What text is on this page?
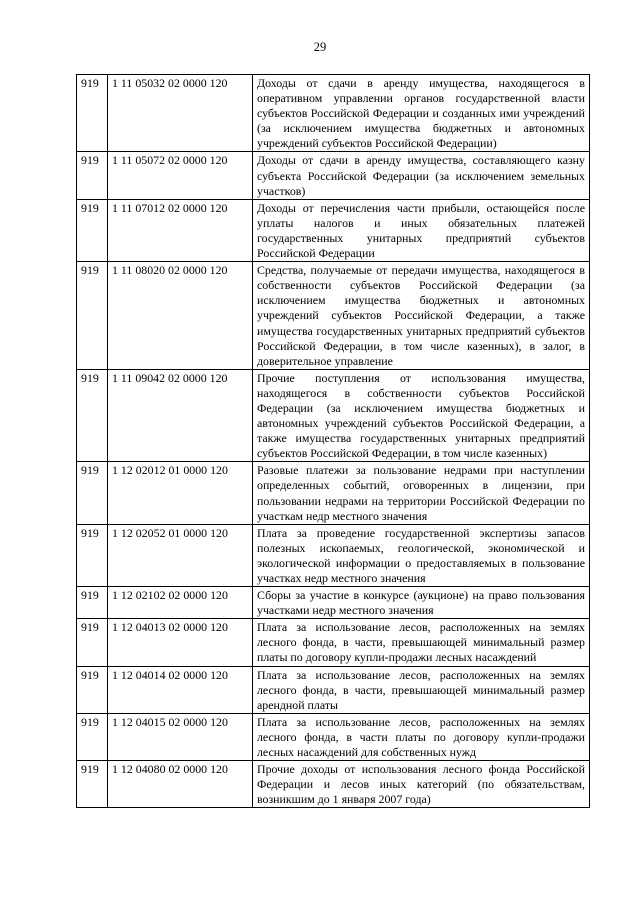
29
919	1 11 05032 02 0000 120	Доходы от сдачи в аренду имущества, находящегося в оперативном управлении органов государственной власти субъектов Российской Федерации и созданных ими учреждений (за исключением имущества бюджетных и автономных учреждений субъектов Российской Федерации)
919	1 11 05072 02 0000 120	Доходы от сдачи в аренду имущества, составляющего казну субъекта Российской Федерации (за исключением земельных участков)
919	1 11 07012 02 0000 120	Доходы от перечисления части прибыли, остающейся после уплаты налогов и иных обязательных платежей государственных унитарных предприятий субъектов Российской Федерации
919	1 11 08020 02 0000 120	Средства, получаемые от передачи имущества, находящегося в собственности субъектов Российской Федерации (за исключением имущества бюджетных и автономных учреждений субъектов Российской Федерации, а также имущества государственных унитарных предприятий субъектов Российской Федерации, в том числе казенных), в залог, в доверительное управление
919	1 11 09042 02 0000 120	Прочие поступления от использования имущества, находящегося в собственности субъектов Российской Федерации (за исключением имущества бюджетных и автономных учреждений субъектов Российской Федерации, а также имущества государственных унитарных предприятий субъектов Российской Федерации, в том числе казенных)
919	1 12 02012 01 0000 120	Разовые платежи за пользование недрами при наступлении определенных событий, оговоренных в лицензии, при пользовании недрами на территории Российской Федерации по участкам недр местного значения
919	1 12 02052 01 0000 120	Плата за проведение государственной экспертизы запасов полезных ископаемых, геологической, экономической и экологической информации о предоставляемых в пользование участках недр местного значения
919	1 12 02102 02 0000 120	Сборы за участие в конкурсе (аукционе) на право пользования участками недр местного значения
919	1 12 04013 02 0000 120	Плата за использование лесов, расположенных на землях лесного фонда, в части, превышающей минимальный размер платы по договору купли-продажи лесных насаждений
919	1 12 04014 02 0000 120	Плата за использование лесов, расположенных на землях лесного фонда, в части, превышающей минимальный размер арендной платы
919	1 12 04015 02 0000 120	Плата за использование лесов, расположенных на землях лесного фонда, в части платы по договору купли-продажи лесных насаждений для собственных нужд
919	1 12 04080 02 0000 120	Прочие доходы от использования лесного фонда Российской Федерации и лесов иных категорий (по обязательствам, возникшим до 1 января 2007 года)
